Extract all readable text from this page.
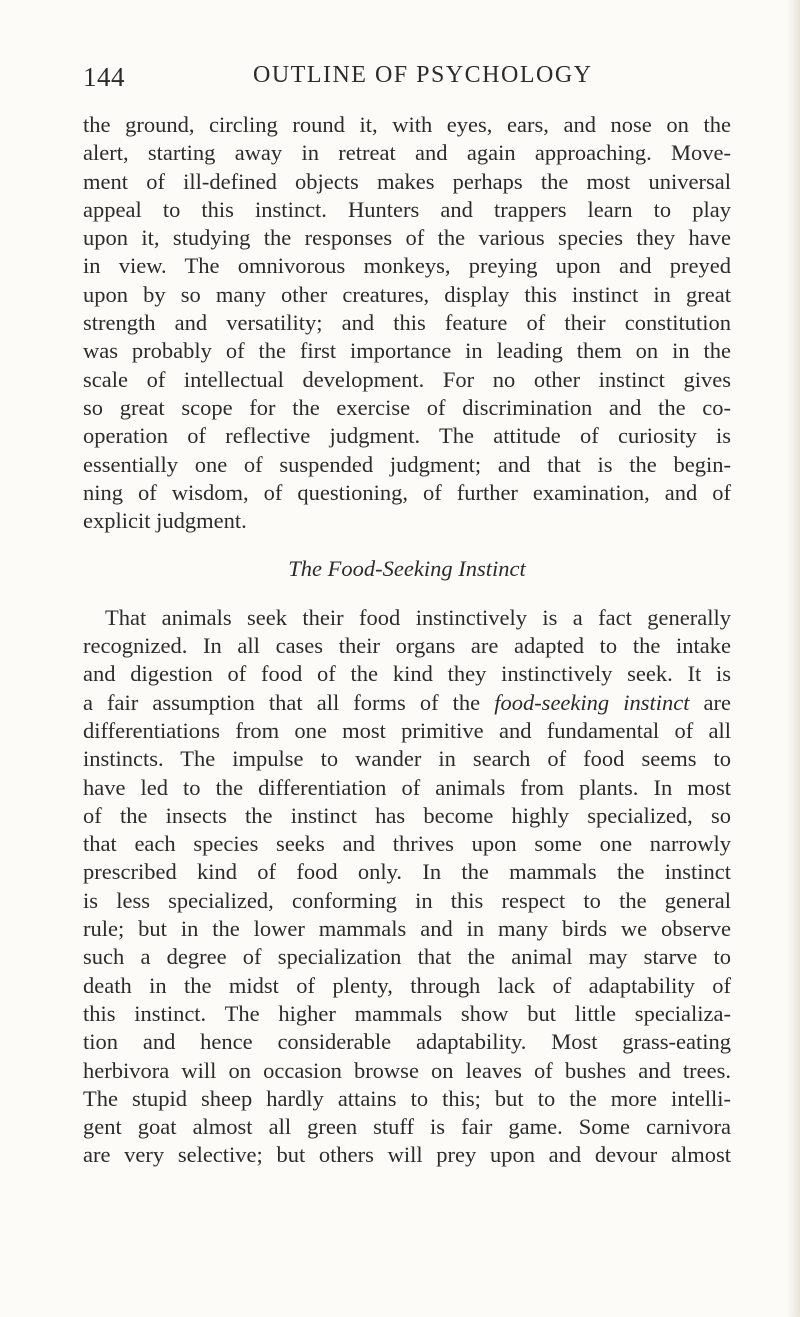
144	OUTLINE OF PSYCHOLOGY
the ground, circling round it, with eyes, ears, and nose on the
alert, starting away in retreat and again approaching. Move-
ment of ill-defined objects makes perhaps the most universal
appeal to this instinct. Hunters and trappers learn to play
upon it, studying the responses of the various species they have
in view. The omnivorous monkeys, preying upon and preyed
upon by so many other creatures, display this instinct in great
strength and versatility; and this feature of their constitution
was probably of the first importance in leading them on in the
scale of intellectual development. For no other instinct gives
so great scope for the exercise of discrimination and the co-
operation of reflective judgment. The attitude of curiosity is
essentially one of suspended judgment; and that is the begin-
ning of wisdom, of questioning, of further examination, and of
explicit judgment.
The Food-Seeking Instinct
That animals seek their food instinctively is a fact generally
recognized. In all cases their organs are adapted to the intake
and digestion of food of the kind they instinctively seek. It is
a fair assumption that all forms of the food-seeking instinct are
differentiations from one most primitive and fundamental of all
instincts. The impulse to wander in search of food seems to
have led to the differentiation of animals from plants. In most
of the insects the instinct has become highly specialized, so
that each species seeks and thrives upon some one narrowly
prescribed kind of food only. In the mammals the instinct
is less specialized, conforming in this respect to the general
rule; but in the lower mammals and in many birds we observe
such a degree of specialization that the animal may starve to
death in the midst of plenty, through lack of adaptability of
this instinct. The higher mammals show but little specializa-
tion and hence considerable adaptability. Most grass-eating
herbivora will on occasion browse on leaves of bushes and trees.
The stupid sheep hardly attains to this; but to the more intelli-
gent goat almost all green stuff is fair game. Some carnivora
are very selective; but others will prey upon and devour almost
